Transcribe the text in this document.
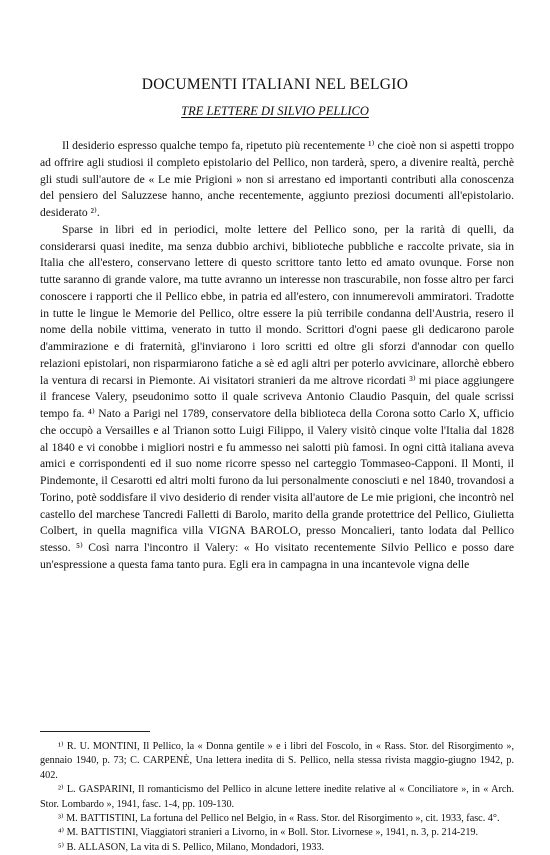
DOCUMENTI ITALIANI NEL BELGIO
TRE LETTERE DI SILVIO PELLICO

Il desiderio espresso qualche tempo fa, ripetuto più recentemente ¹⁾ che cioè non si aspetti troppo ad offrire agli studiosi il completo epistolario del Pellico, non tarderà, spero, a divenire realtà, perchè gli studi sull'autore de « Le mie Prigioni » non si arrestano ed importanti contributi alla conoscenza del pensiero del Saluzzese hanno, anche recentemente, aggiunto preziosi documenti all'epistolario. desiderato ²⁾.

Sparse in libri ed in periodici, molte lettere del Pellico sono, per la rarità di quelli, da considerarsi quasi inedite, ma senza dubbio archivi, biblioteche pubbliche e raccolte private, sia in Italia che all'estero, conservano lettere di questo scrittore tanto letto ed amato ovunque. Forse non tutte saranno di grande valore, ma tutte avranno un interesse non trascurabile, non fosse altro per farci conoscere i rapporti che il Pellico ebbe, in patria ed all'estero, con innumerevoli ammiratori. Tradotte in tutte le lingue le Memorie del Pellico, oltre essere la più terribile condanna dell'Austria, resero il nome della nobile vittima, venerato in tutto il mondo. Scrittori d'ogni paese gli dedicarono parole d'ammirazione e di fraternità, gl'inviarono i loro scritti ed oltre gli sforzi d'annodar con quello relazioni epistolari, non risparmiarono fatiche a sè ed agli altri per poterlo avvicinare, allorchè ebbero la ventura di recarsi in Piemonte. Ai visitatori stranieri da me altrove ricordati ³⁾ mi piace aggiungere il francese Valery, pseudonimo sotto il quale scriveva Antonio Claudio Pasquin, del quale scrissi tempo fa. ⁴⁾ Nato a Parigi nel 1789, conservatore della biblioteca della Corona sotto Carlo X, ufficio che occupò a Versailles e al Trianon sotto Luigi Filippo, il Valery visitò cinque volte l'Italia dal 1828 al 1840 e vi conobbe i migliori nostri e fu ammesso nei salotti più famosi. In ogni città italiana aveva amici e corrispondenti ed il suo nome ricorre spesso nel carteggio Tommaseo-Capponi. Il Monti, il Pindemonte, il Cesarotti ed altri molti furono da lui personalmente conosciuti e nel 1840, trovandosi a Torino, potè soddisfare il vivo desiderio di render visita all'autore de Le mie prigioni, che incontrò nel castello del marchese Tancredi Falletti di Barolo, marito della grande protettrice del Pellico, Giulietta Colbert, in quella magnifica villa VIGNA BAROLO, presso Moncalieri, tanto lodata dal Pellico stesso. ⁵⁾ Così narra l'incontro il Valery: « Ho visitato recentemente Silvio Pellico e posso dare un'espressione a questa fama tanto pura. Egli era in campagna in una incantevole vigna delle

¹⁾ R. U. MONTINI, Il Pellico, la « Donna gentile » e i libri del Foscolo, in « Rass. Stor. del Risorgimento », gennaio 1940, p. 73; C. CARPENÈ, Una lettera inedita di S. Pellico, nella stessa rivista maggio-giugno 1942, p. 402.
²⁾ L. GASPARINI, Il romanticismo del Pellico in alcune lettere inedite relative al « Conciliatore », in « Arch. Stor. Lombardo », 1941, fasc. 1-4, pp. 109-130.
³⁾ M. BATTISTINI, La fortuna del Pellico nel Belgio, in « Rass. Stor. del Risorgimento », cit. 1933, fasc. 4°.
⁴⁾ M. BATTISTINI, Viaggiatori stranieri a Livorno, in « Boll. Stor. Livornese », 1941, n. 3, p. 214-219.
⁵⁾ B. ALLASON, La vita di S. Pellico, Milano, Mondadori, 1933.
